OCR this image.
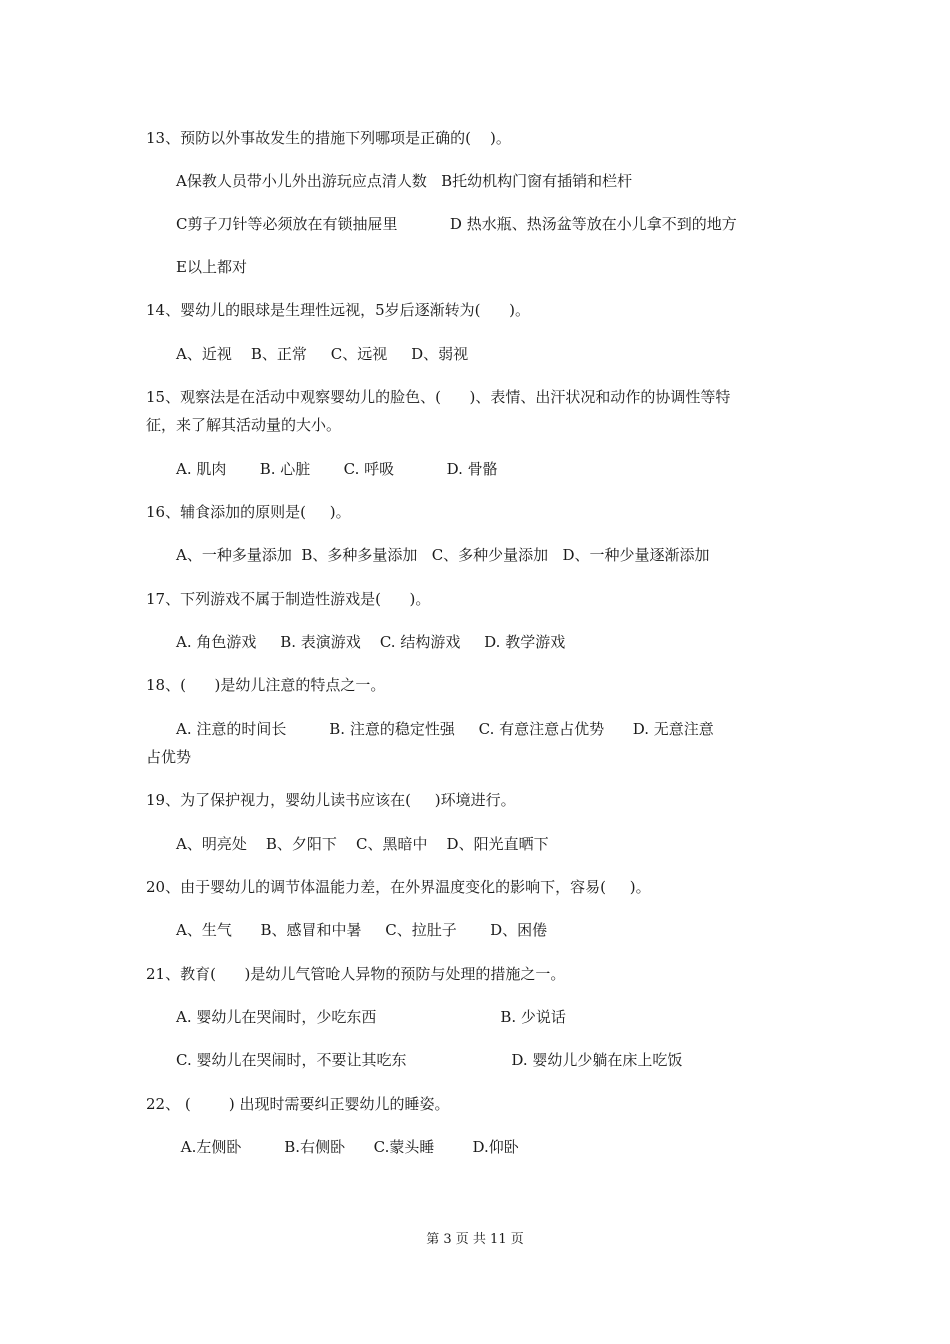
13、预防以外事故发生的措施下列哪项是正确的(    )。
A保教人员带小儿外出游玩应点清人数   B托幼机构门窗有插销和栏杆
C剪子刀针等必须放在有锁抽屉里           D 热水瓶、热汤盆等放在小儿拿不到的地方
E以上都对
14、婴幼儿的眼球是生理性远视，5岁后逐渐转为(      )。
A、近视    B、正常     C、远视     D、弱视
15、观察法是在活动中观察婴幼儿的脸色、(      )、表情、出汗状况和动作的协调性等特
征，来了解其活动量的大小。
A. 肌肉       B. 心脏       C. 呼吸           D. 骨骼
16、辅食添加的原则是(     )。
A、一种多量添加  B、多种多量添加   C、多种少量添加   D、一种少量逐渐添加
17、下列游戏不属于制造性游戏是(      )。
A. 角色游戏     B. 表演游戏    C. 结构游戏     D. 教学游戏
18、(      )是幼儿注意的特点之一。
A. 注意的时间长         B. 注意的稳定性强     C. 有意注意占优势      D. 无意注意
占优势
19、为了保护视力，婴幼儿读书应该在(     )环境进行。
A、明亮处    B、夕阳下    C、黑暗中    D、阳光直晒下
20、由于婴幼儿的调节体温能力差，在外界温度变化的影响下，容易(     )。
A、生气      B、感冒和中暑     C、拉肚子       D、困倦
21、教育(      )是幼儿气管呛人异物的预防与处理的措施之一。
A. 婴幼儿在哭闹时，少吃东西                          B. 少说话
C. 婴幼儿在哭闹时，不要让其吃东                      D. 婴幼儿少躺在床上吃饭
22、 (        ) 出现时需要纠正婴幼儿的睡姿。
A.左侧卧         B.右侧卧      C.蒙头睡        D.仰卧
第 3 页 共 11 页
